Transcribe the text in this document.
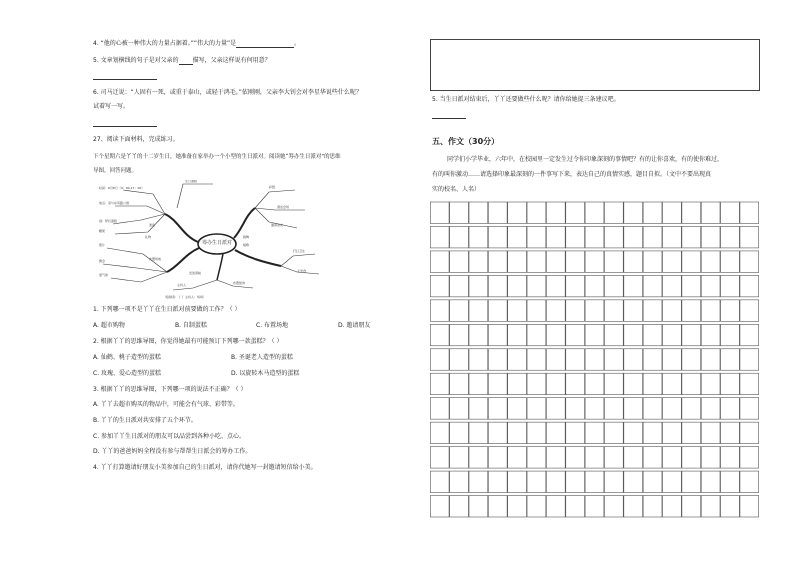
4. “他的心被一种伟大的力量占据着。”“伟大的力量”是	。
5. 文章划横线的句子是对父亲的 描写，父亲这样说有何用意？
6. 司马迁说：“人固有一死，或重于泰山，或轻于鸿毛。”依刚刚，父亲李大钊会对李星华说些什么呢？
试着写一写。
27、阅读下面材料，完成练习。
下个星期六是丫丫的十二岁生日，她准备在家举办一个小型的生日派对。阅读她“筹办生日派对”的思维
导图，回答问题。
筹办生日派对
时间：6月8日（9：00-17：00）
地点：家与东风路公园
到：梦幻蛋糕
生日蛋糕
糖果
礼物
准备
照片
聚会	布置场地
氢气球
彩纸
清洁会场
邀请亲友
打扫卫生
买零食
跳舞
唱歌
主持人	布置装饰
发送请帖
（绘制者：丫丫 主持人：妈妈）
1. 下列哪一项不是丫丫在生日派对前要做的工作？（ ）
A. 超市购物	B. 自制蛋糕	C. 布置场地	D. 邀请朋友
2. 根据丫丫的思维导图，你觉得她最有可能预订下列哪一款蛋糕？（ ）
A. 仙鹤、桃子造型的蛋糕	B. 圣诞老人造型的蛋糕
C. 玫瑰、爱心造型的蛋糕	D. 以旋转木马造型的蛋糕
3. 根据丫丫的思维导图，下列哪一项的说法不正确？（ ）
A. 丫丫去超市购买的物品中，可能会有气球、彩带等。
B. 丫丫的生日派对共安排了五个环节。
C. 参加丫丫生日派对的朋友可以品尝到各种小吃、点心。
D. 丫丫的爸爸妈妈全程没有参与帮帮生日派会的筹办工作。
4. 丫丫打算邀请好朋友小美参加自己的生日派对，请你代她写一封邀请短信给小美。
5. 当生日派对结束后，丫丫还要做些什么呢？请你给她提三条建议吧。
五、作文（30分）
同学们小学毕业，六年中，在校园里一定发生过令你印象深刻的事情吧？有的让你喜欢，有的使你难过，
有的叫你激动……请选择印象最深刻的一件事写下来，表达自己的真情实感，题目自拟。（文中不要出现真
实的校名、人名）
